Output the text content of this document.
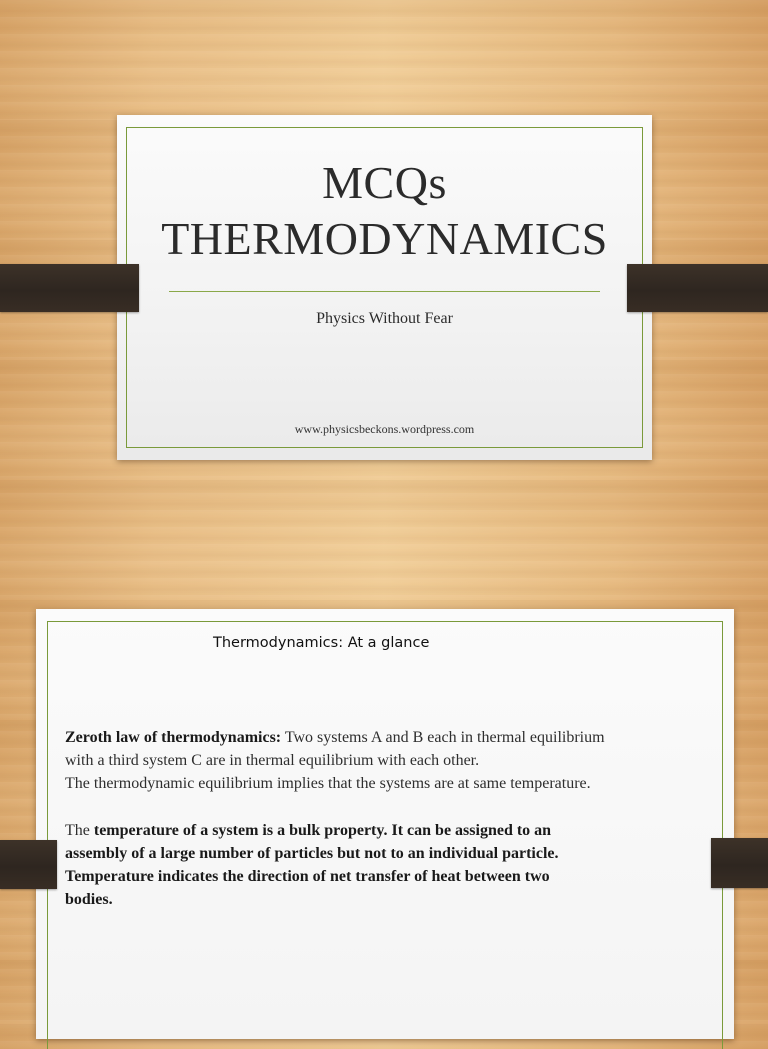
MCQs
THERMODYNAMICS
Physics Without Fear
www.physicsbeckons.wordpress.com
Thermodynamics: At a glance
Zeroth law of thermodynamics: Two systems A and B each in thermal equilibrium
with a third system C are in thermal equilibrium with each other.
The thermodynamic equilibrium implies that the systems are at same temperature.
The temperature of a system is a bulk property. It can be assigned to an
assembly of a large number of particles but not to an individual particle.
Temperature indicates the direction of net transfer of heat between two
bodies.
